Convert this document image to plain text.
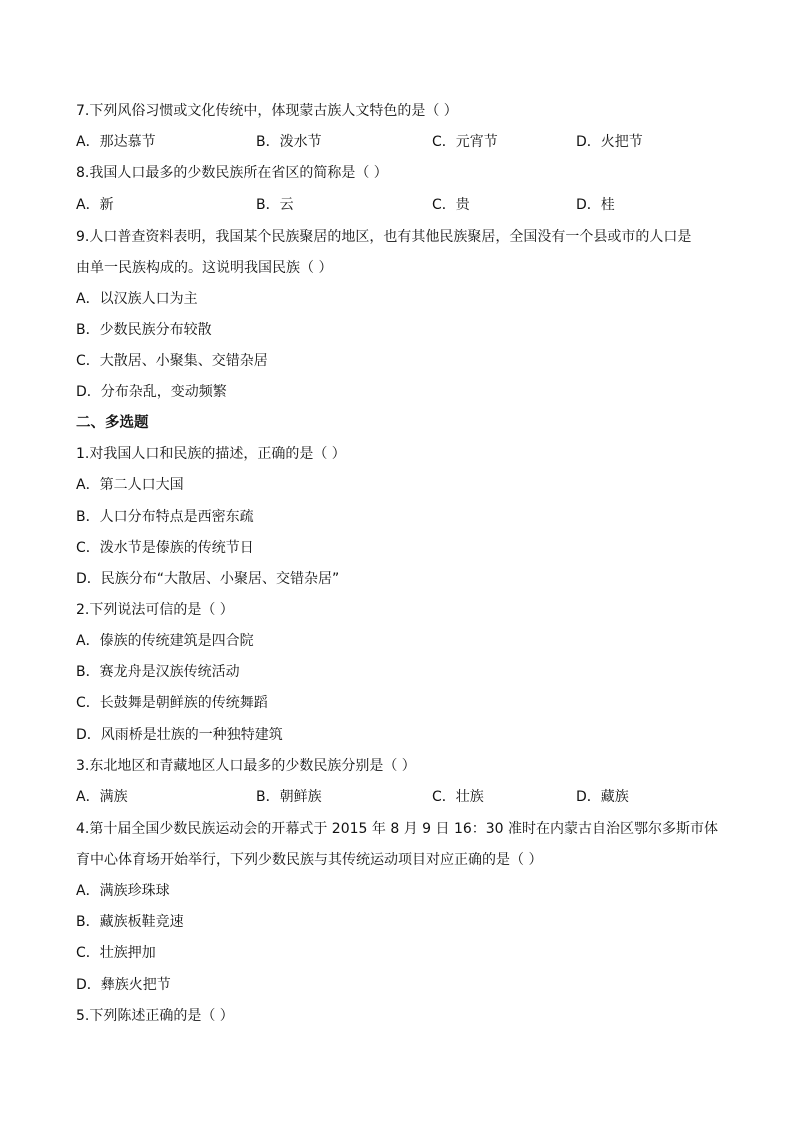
7.下列风俗习惯或文化传统中，体现蒙古族人文特色的是（ ）
A．那达慕节	B．泼水节	C．元宵节	D．火把节
8.我国人口最多的少数民族所在省区的简称是（ ）
A．新	B．云	C．贵	D．桂
9.人口普查资料表明，我国某个民族聚居的地区，也有其他民族聚居，全国没有一个县或市的人口是
由单一民族构成的。这说明我国民族（ ）
A．以汉族人口为主
B．少数民族分布较散
C．大散居、小聚集、交错杂居
D．分布杂乱，变动频繁
二、多选题
1.对我国人口和民族的描述，正确的是（ ）
A．第二人口大国
B．人口分布特点是西密东疏
C．泼水节是傣族的传统节日
D．民族分布“大散居、小聚居、交错杂居”
2.下列说法可信的是（ ）
A．傣族的传统建筑是四合院
B．赛龙舟是汉族传统活动
C．长鼓舞是朝鲜族的传统舞蹈
D．风雨桥是壮族的一种独特建筑
3.东北地区和青藏地区人口最多的少数民族分别是（ ）
A．满族	B．朝鲜族	C．壮族	D．藏族
4.第十届全国少数民族运动会的开幕式于 2015 年 8 月 9 日 16：30 准时在内蒙古自治区鄂尔多斯市体
育中心体育场开始举行，下列少数民族与其传统运动项目对应正确的是（ ）
A．满族珍珠球
B．藏族板鞋竞速
C．壮族押加
D．彝族火把节
5.下列陈述正确的是（ ）
